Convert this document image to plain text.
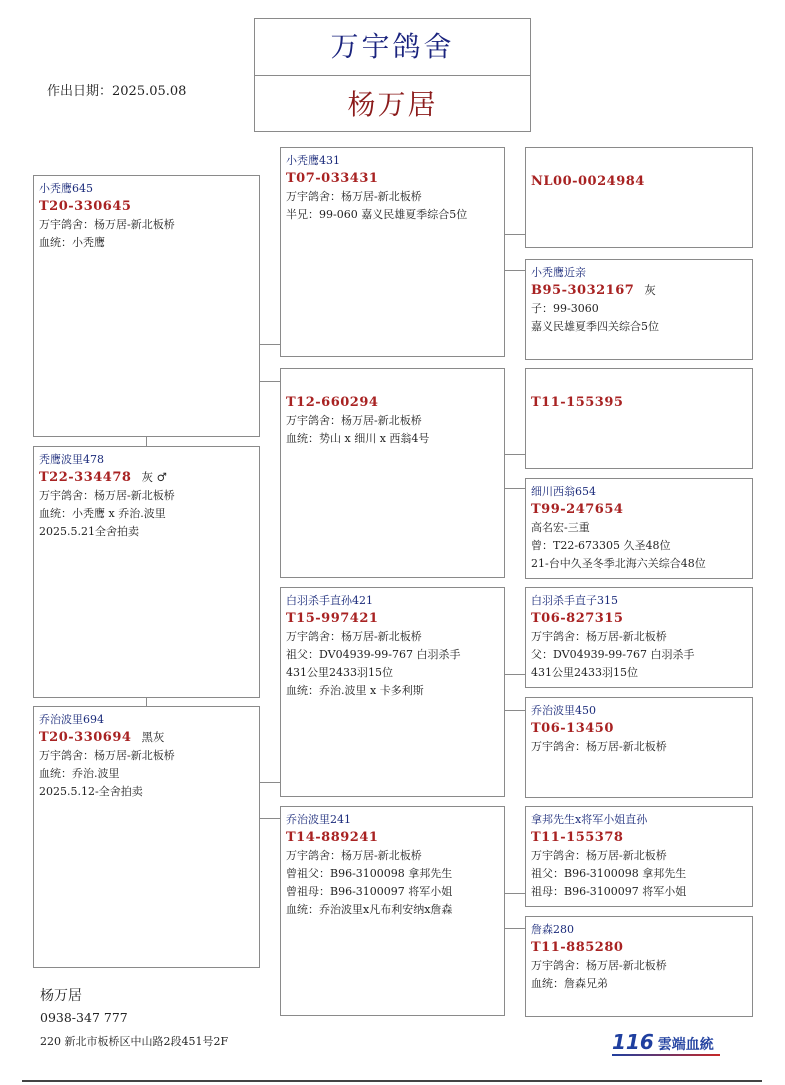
万宇鸽舍
杨万居
作出日期：2025.05.08
小秃鹰645
T20-330645
万宇鸽舍：杨万居-新北板桥
血统：小秃鹰
秃鹰波里478
T22-334478 灰 ♂
万宇鸽舍：杨万居-新北板桥
血统：小秃鹰 x 乔治.波里
2025.5.21全舍拍卖
乔治波里694
T20-330694 黑灰
万宇鸽舍：杨万居-新北板桥
血统：乔治.波里
2025.5.12-全舍拍卖
小秃鹰431
T07-033431
万宇鸽舍：杨万居-新北板桥
半兄：99-060 嘉义民雄夏季综合5位
T12-660294
万宇鸽舍：杨万居-新北板桥
血统：势山 x 细川 x 西翁4号
白羽杀手直孙421
T15-997421
万宇鸽舍：杨万居-新北板桥
祖父：DV04939-99-767 白羽杀手
431公里2433羽15位
血统：乔治.波里 x 卡多利斯
乔治波里241
T14-889241
万宇鸽舍：杨万居-新北板桥
曾祖父：B96-3100098 拿邦先生
曾祖母：B96-3100097 将军小姐
血统：乔治波里x凡布利安纳x詹森
NL00-0024984
小秃鹰近亲
B95-3032167 灰
子：99-3060
嘉义民雄夏季四关综合5位
T11-155395
细川西翁654
T99-247654
高名宏-三重
曾：T22-673305 久圣48位
21-台中久圣冬季北海六关综合48位
白羽杀手直子315
T06-827315
万宇鸽舍：杨万居-新北板桥
父：DV04939-99-767 白羽杀手
431公里2433羽15位
乔治波里450
T06-13450
万宇鸽舍：杨万居-新北板桥
拿邦先生x将军小姐直孙
T11-155378
万宇鸽舍：杨万居-新北板桥
祖父：B96-3100098 拿邦先生
祖母：B96-3100097 将军小姐
詹森280
T11-885280
万宇鸽舍：杨万居-新北板桥
血统：詹森兄弟
杨万居
0938-347 777
220 新北市板桥区中山路2段451号2F	116 雲端血統
